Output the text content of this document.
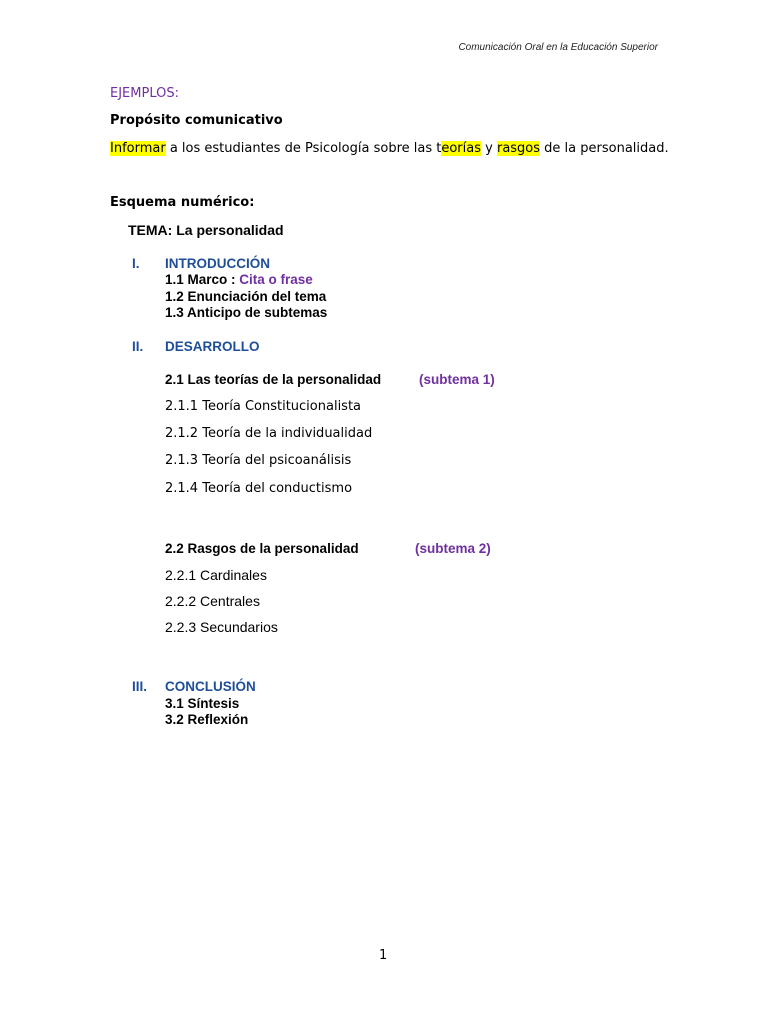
Comunicación Oral en la Educación Superior
EJEMPLOS:
Propósito comunicativo
Informar a los estudiantes de Psicología sobre las teorías y rasgos de la personalidad.
Esquema numérico:
TEMA: La personalidad
I. INTRODUCCIÓN
1.1 Marco : Cita o frase
1.2 Enunciación del tema
1.3 Anticipo de subtemas
II. DESARROLLO
2.1 Las teorías de la personalidad	(subtema 1)
2.1.1 Teoría Constitucionalista
2.1.2 Teoría de la individualidad
2.1.3 Teoría del psicoanálisis
2.1.4 Teoría del conductismo
2.2 Rasgos de la personalidad	(subtema 2)
2.2.1 Cardinales
2.2.2 Centrales
2.2.3 Secundarios
III. CONCLUSIÓN
3.1 Síntesis
3.2 Reflexión
1
